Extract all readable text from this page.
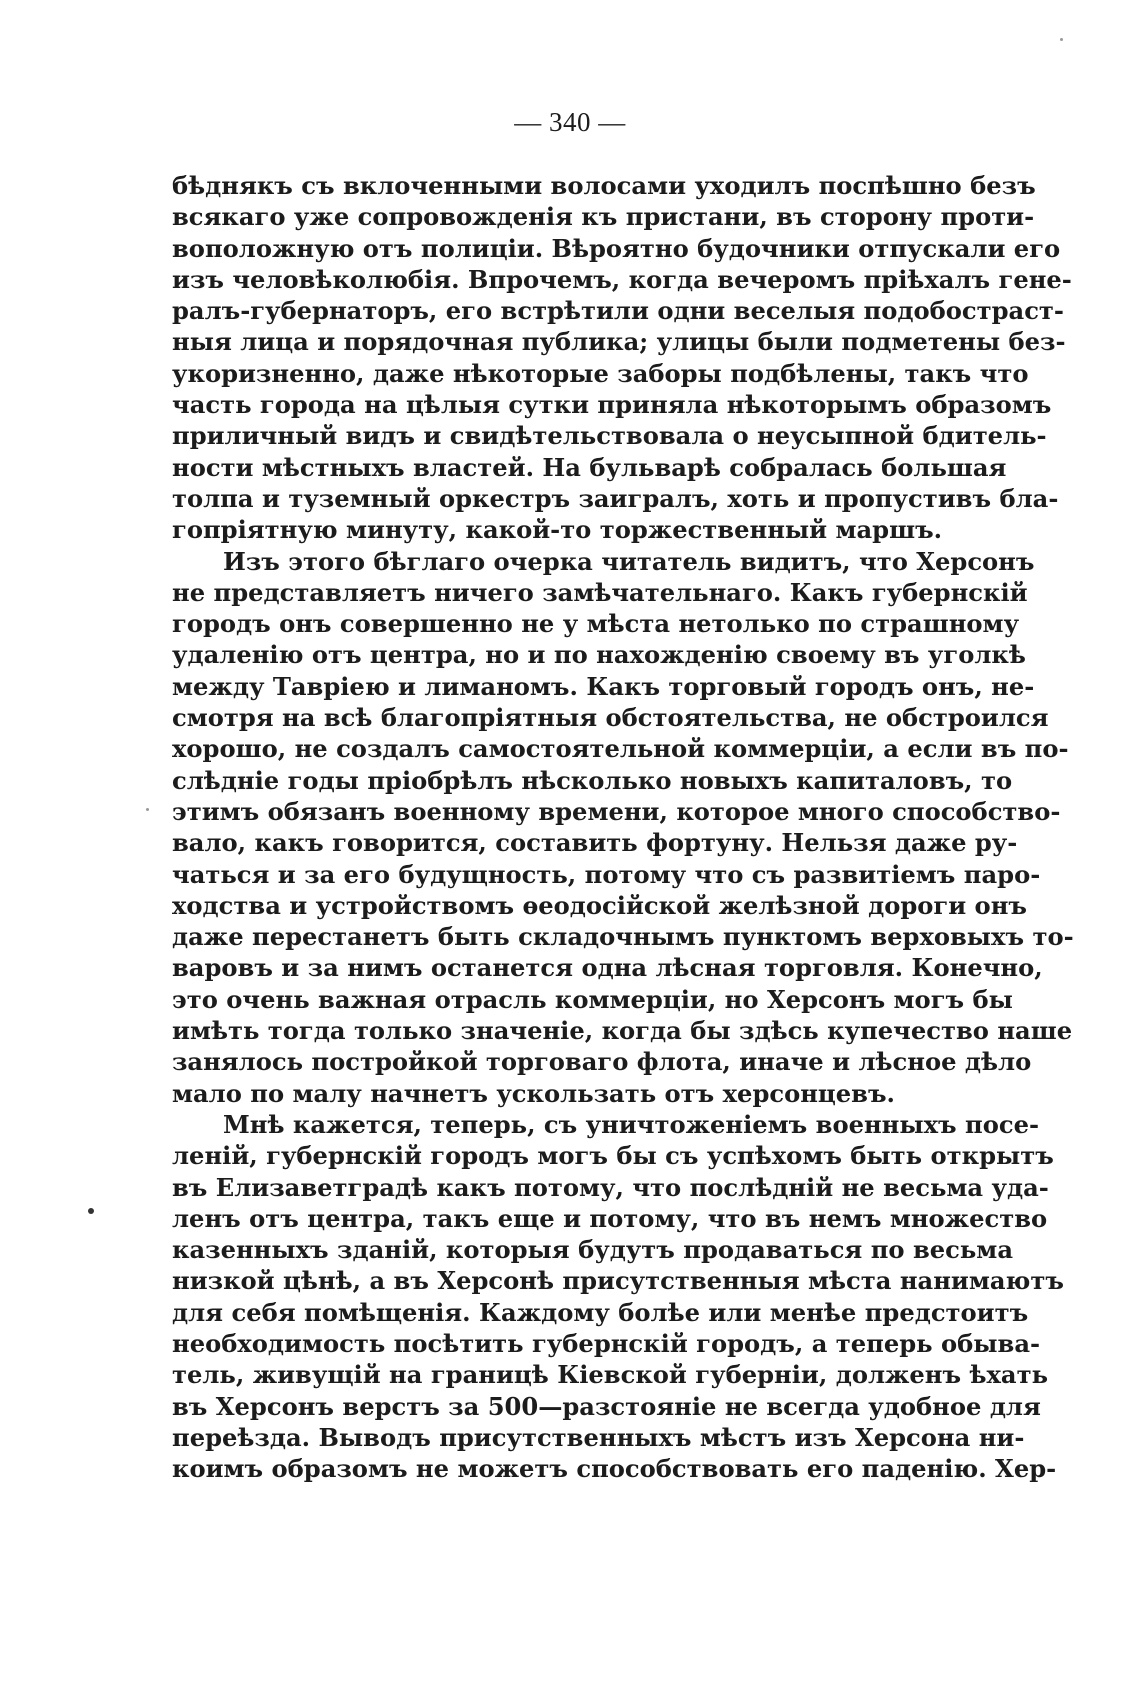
— 340 —
бѣднякъ съ вклоченными волосами уходилъ поспѣшно безъ
всякаго уже сопровожденія къ пристани, въ сторону проти-
воположную отъ полиціи. Вѣроятно будочники отпускали его
изъ человѣколюбія. Впрочемъ, когда вечеромъ пріѣхалъ гене-
ралъ-губернаторъ, его встрѣтили одни веселыя подобостраст-
ныя лица и порядочная публика; улицы были подметены без-
укоризненно, даже нѣкоторые заборы подбѣлены, такъ что
часть города на цѣлыя сутки приняла нѣкоторымъ образомъ
приличный видъ и свидѣтельствовала о неусыпной бдитель-
ности мѣстныхъ властей. На бульварѣ собралась большая
толпа и туземный оркестръ заигралъ, хоть и пропустивъ бла-
гопріятную минуту, какой-то торжественный маршъ.
Изъ этого бѣглаго очерка читатель видитъ, что Херсонъ
не представляетъ ничего замѣчательнаго. Какъ губернскій
городъ онъ совершенно не у мѣста нетолько по страшному
удаленію отъ центра, но и по нахожденію своему въ уголкѣ
между Тавріею и лиманомъ. Какъ торговый городъ онъ, не-
смотря на всѣ благопріятныя обстоятельства, не обстроился
хорошо, не создалъ самостоятельной коммерціи, а если въ по-
слѣдніе годы пріобрѣлъ нѣсколько новыхъ капиталовъ, то
этимъ обязанъ военному времени, которое много способство-
вало, какъ говорится, составить фортуну. Нельзя даже ру-
чаться и за его будущность, потому что съ развитіемъ паро-
ходства и устройствомъ ѳеодосійской желѣзной дороги онъ
даже перестанетъ быть складочнымъ пунктомъ верховыхъ то-
варовъ и за нимъ останется одна лѣсная торговля. Конечно,
это очень важная отрасль коммерціи, но Херсонъ могъ бы
имѣть тогда только значеніе, когда бы здѣсь купечество наше
занялось постройкой торговаго флота, иначе и лѣсное дѣло
мало по малу начнетъ ускользать отъ херсонцевъ.
Мнѣ кажется, теперь, съ уничтоженіемъ военныхъ посе-
леній, губернскій городъ могъ бы съ успѣхомъ быть открытъ
въ Елизаветградѣ какъ потому, что послѣдній не весьма уда-
ленъ отъ центра, такъ еще и потому, что въ немъ множество
казенныхъ зданій, которыя будутъ продаваться по весьма
низкой цѣнѣ, а въ Херсонѣ присутственныя мѣста нанимаютъ
для себя помѣщенія. Каждому болѣе или менѣе предстоитъ
необходимость посѣтить губернскій городъ, а теперь обыва-
тель, живущій на границѣ Кіевской губерніи, долженъ ѣхать
въ Херсонъ верстъ за 500—разстояніе не всегда удобное для
переѣзда. Выводъ присутственныхъ мѣстъ изъ Херсона ни-
коимъ образомъ не можетъ способствовать его паденію. Хер-
